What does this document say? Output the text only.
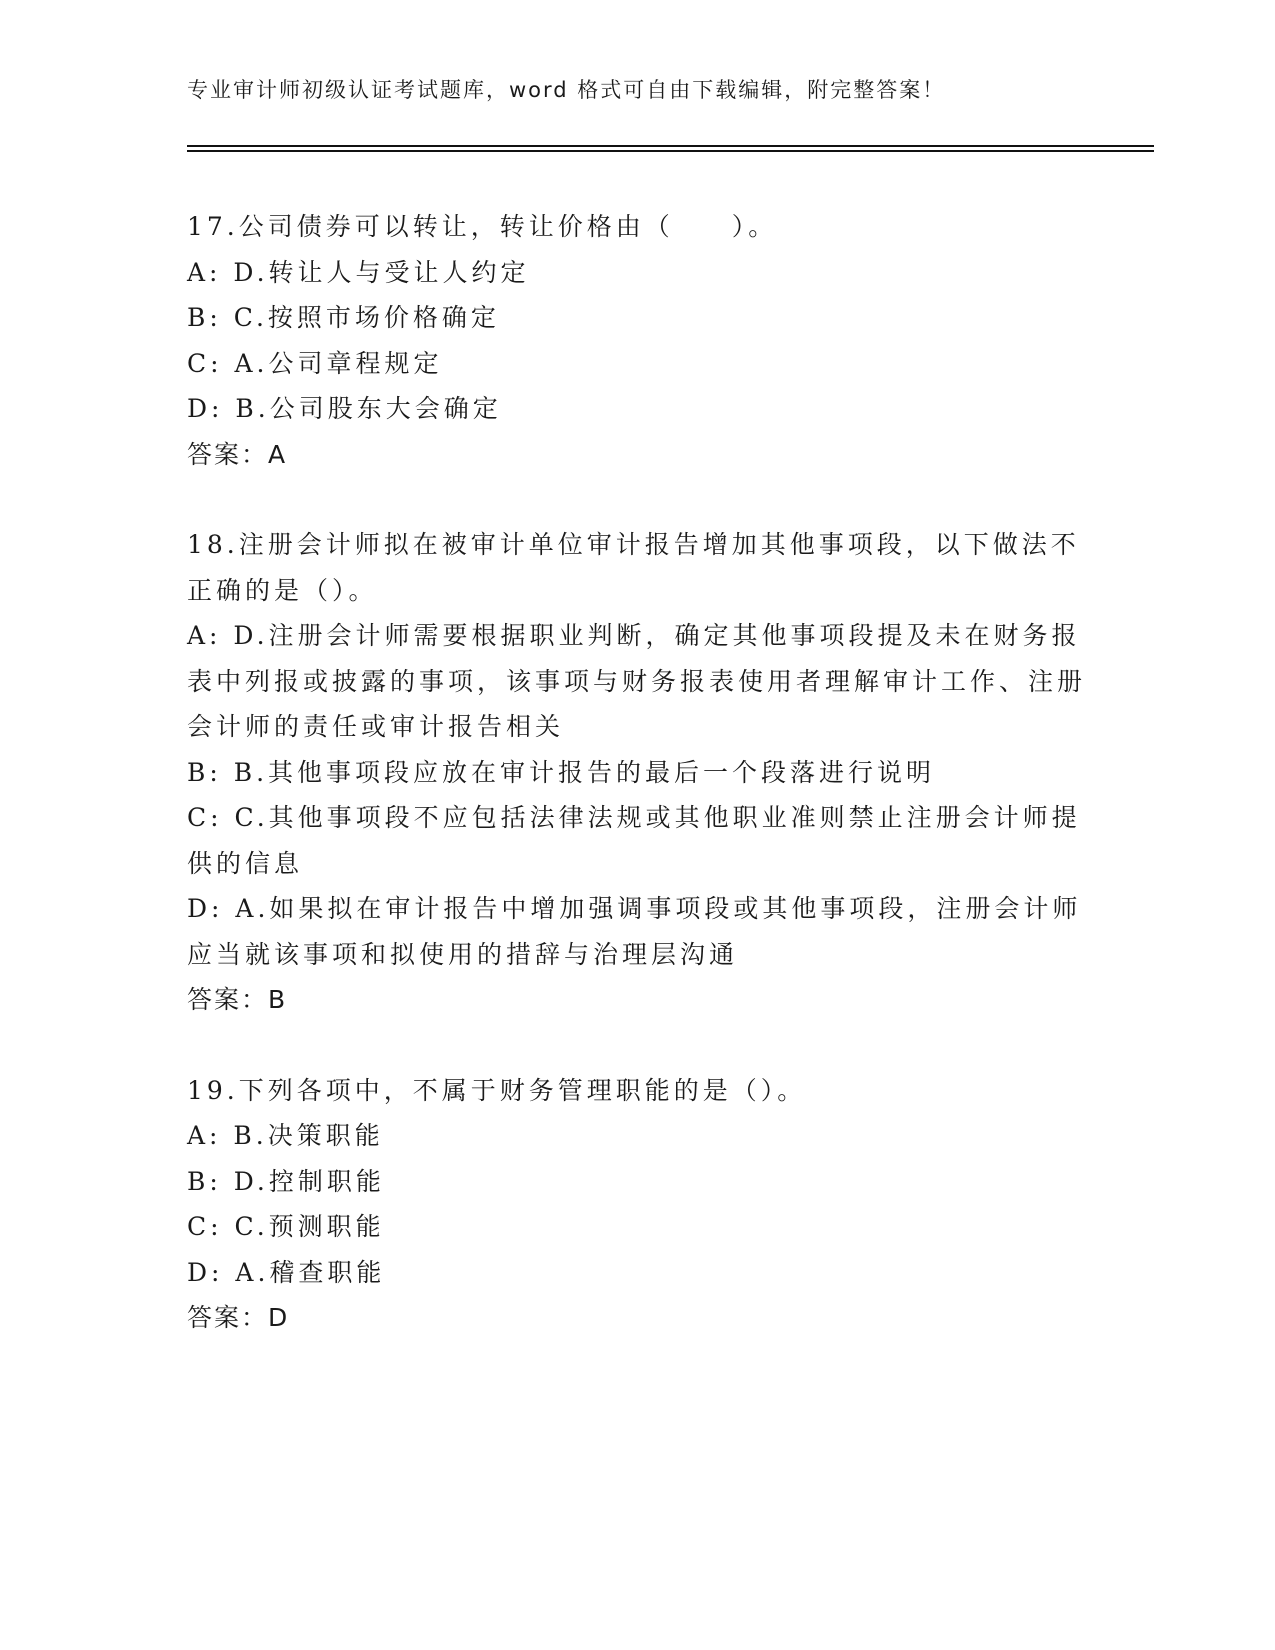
专业审计师初级认证考试题库，word 格式可自由下载编辑，附完整答案！

17.公司债券可以转让，转让价格由（　　）。

A: D.转让人与受让人约定

B: C.按照市场价格确定

C: A.公司章程规定

D: B.公司股东大会确定

答案：A

18.注册会计师拟在被审计单位审计报告增加其他事项段，以下做法不正确的是（）。

A: D.注册会计师需要根据职业判断，确定其他事项段提及未在财务报表中列报或披露的事项，该事项与财务报表使用者理解审计工作、注册会计师的责任或审计报告相关

B: B.其他事项段应放在审计报告的最后一个段落进行说明

C: C.其他事项段不应包括法律法规或其他职业准则禁止注册会计师提供的信息

D: A.如果拟在审计报告中增加强调事项段或其他事项段，注册会计师应当就该事项和拟使用的措辞与治理层沟通

答案：B

19.下列各项中，不属于财务管理职能的是（）。

A: B.决策职能

B: D.控制职能

C: C.预测职能

D: A.稽查职能

答案：D
